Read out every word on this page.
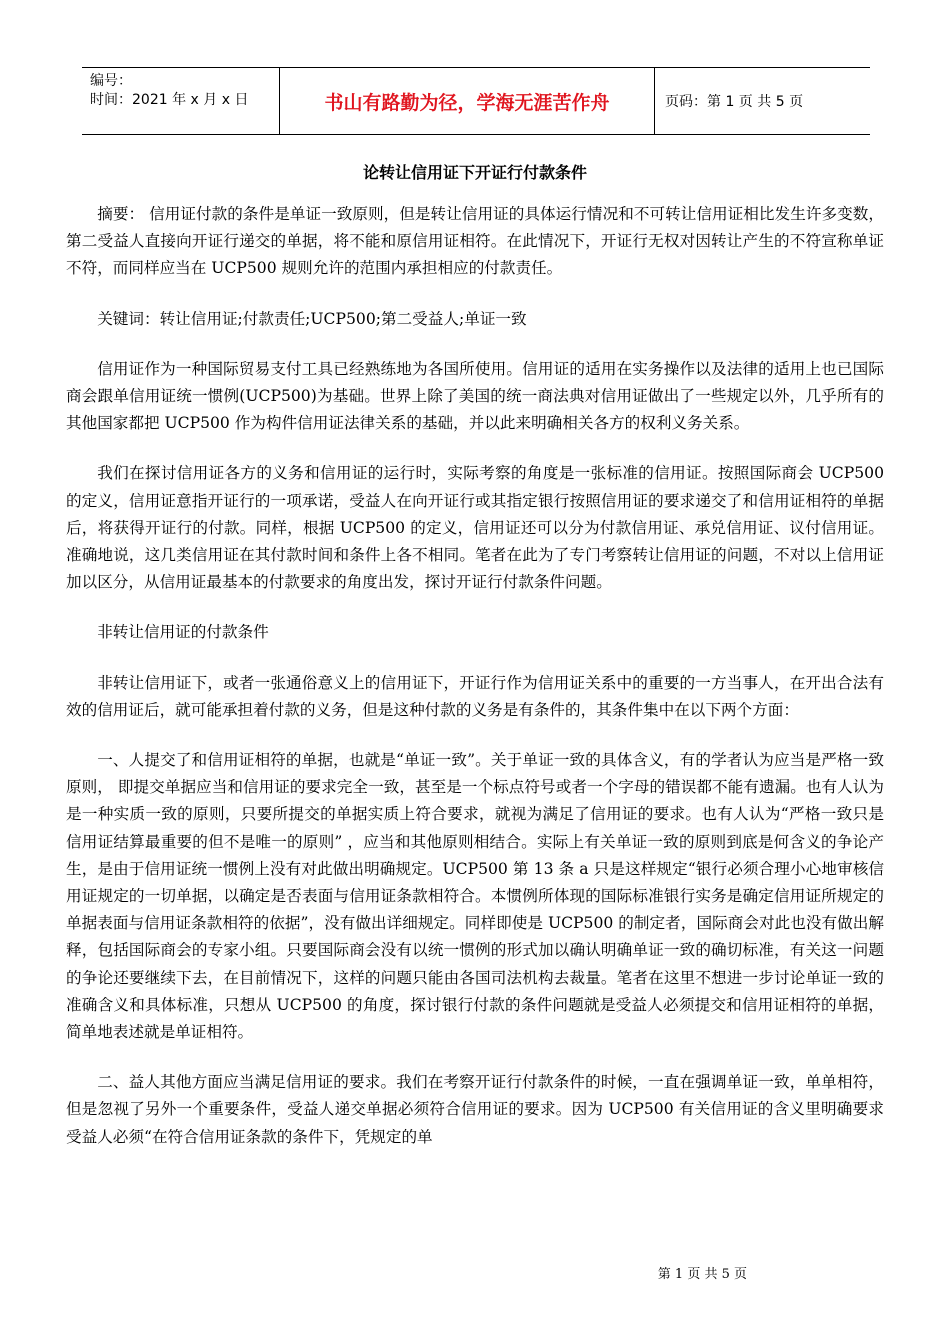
编号：
时间：2021 年 x 月 x 日	书山有路勤为径，学海无涯苦作舟	页码：第 1 页 共 5 页
论转让信用证下开证行付款条件

摘要： 信用证付款的条件是单证一致原则，但是转让信用证的具体运行情况和不可转让信用证相比发生许多变数，第二受益人直接向开证行递交的单据，将不能和原信用证相符。在此情况下，开证行无权对因转让产生的不符宣称单证不符，而同样应当在 UCP500 规则允许的范围内承担相应的付款责任。

关键词：转让信用证;付款责任;UCP500;第二受益人;单证一致

信用证作为一种国际贸易支付工具已经熟练地为各国所使用。信用证的适用在实务操作以及法律的适用上也已国际商会跟单信用证统一惯例(UCP500)为基础。世界上除了美国的统一商法典对信用证做出了一些规定以外，几乎所有的其他国家都把 UCP500 作为构件信用证法律关系的基础，并以此来明确相关各方的权利义务关系。

我们在探讨信用证各方的义务和信用证的运行时，实际考察的角度是一张标准的信用证。按照国际商会 UCP500 的定义，信用证意指开证行的一项承诺，受益人在向开证行或其指定银行按照信用证的要求递交了和信用证相符的单据后，将获得开证行的付款。同样，根据 UCP500 的定义，信用证还可以分为付款信用证、承兑信用证、议付信用证。准确地说，这几类信用证在其付款时间和条件上各不相同。笔者在此为了专门考察转让信用证的问题，不对以上信用证加以区分，从信用证最基本的付款要求的角度出发，探讨开证行付款条件问题。

非转让信用证的付款条件

非转让信用证下，或者一张通俗意义上的信用证下，开证行作为信用证关系中的重要的一方当事人，在开出合法有效的信用证后，就可能承担着付款的义务，但是这种付款的义务是有条件的，其条件集中在以下两个方面：

一、人提交了和信用证相符的单据，也就是“单证一致”。关于单证一致的具体含义，有的学者认为应当是严格一致原则， 即提交单据应当和信用证的要求完全一致，甚至是一个标点符号或者一个字母的错误都不能有遗漏。也有人认为是一种实质一致的原则，只要所提交的单据实质上符合要求，就视为满足了信用证的要求。也有人认为“严格一致只是信用证结算最重要的但不是唯一的原则” ，应当和其他原则相结合。实际上有关单证一致的原则到底是何含义的争论产生，是由于信用证统一惯例上没有对此做出明确规定。UCP500 第 13 条 a 只是这样规定“银行必须合理小心地审核信用证规定的一切单据，以确定是否表面与信用证条款相符合。本惯例所体现的国际标准银行实务是确定信用证所规定的单据表面与信用证条款相符的依据”，没有做出详细规定。同样即使是 UCP500 的制定者，国际商会对此也没有做出解释，包括国际商会的专家小组。只要国际商会没有以统一惯例的形式加以确认明确单证一致的确切标准，有关这一问题的争论还要继续下去，在目前情况下，这样的问题只能由各国司法机构去裁量。笔者在这里不想进一步讨论单证一致的准确含义和具体标准，只想从 UCP500 的角度，探讨银行付款的条件问题就是受益人必须提交和信用证相符的单据，简单地表述就是单证相符。

二、益人其他方面应当满足信用证的要求。我们在考察开证行付款条件的时候，一直在强调单证一致，单单相符，但是忽视了另外一个重要条件，受益人递交单据必须符合信用证的要求。因为 UCP500 有关信用证的含义里明确要求受益人必须“在符合信用证条款的条件下，凭规定的单

第 1 页 共 5 页
